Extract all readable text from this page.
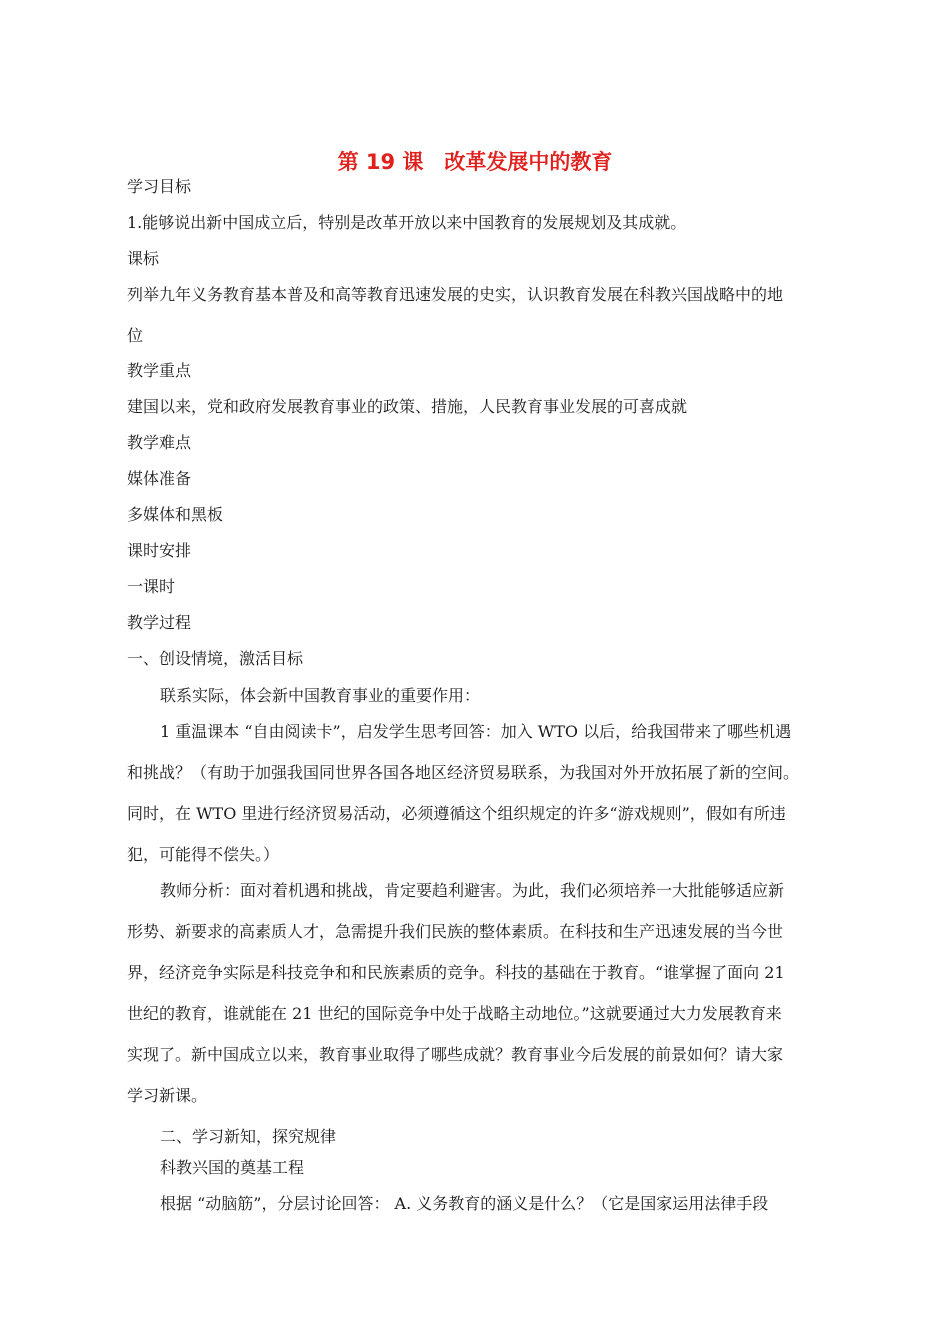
第 19 课　改革发展中的教育
学习目标
1.能够说出新中国成立后，特别是改革开放以来中国教育的发展规划及其成就。
课标
列举九年义务教育基本普及和高等教育迅速发展的史实，认识教育发展在科教兴国战略中的地
位
教学重点
建国以来，党和政府发展教育事业的政策、措施，人民教育事业发展的可喜成就
教学难点
媒体准备
多媒体和黑板
课时安排
一课时
教学过程
一、创设情境，激活目标
联系实际，体会新中国教育事业的重要作用：
1 重温课本 “自由阅读卡”，启发学生思考回答：加入 WTO 以后，给我国带来了哪些机遇
和挑战？（有助于加强我国同世界各国各地区经济贸易联系，为我国对外开放拓展了新的空间。
同时，在 WTO 里进行经济贸易活动，必须遵循这个组织规定的许多“游戏规则”，假如有所违
犯，可能得不偿失。）
教师分析：面对着机遇和挑战，肯定要趋利避害。为此，我们必须培养一大批能够适应新
形势、新要求的高素质人才，急需提升我们民族的整体素质。在科技和生产迅速发展的当今世
界，经济竞争实际是科技竞争和和民族素质的竞争。科技的基础在于教育。“谁掌握了面向 21
世纪的教育，谁就能在 21 世纪的国际竞争中处于战略主动地位。”这就要通过大力发展教育来
实现了。新中国成立以来，教育事业取得了哪些成就？教育事业今后发展的前景如何？请大家
学习新课。
二、学习新知，探究规律
科教兴国的奠基工程
根据 “动脑筋”，分层讨论回答： A. 义务教育的涵义是什么？（它是国家运用法律手段
